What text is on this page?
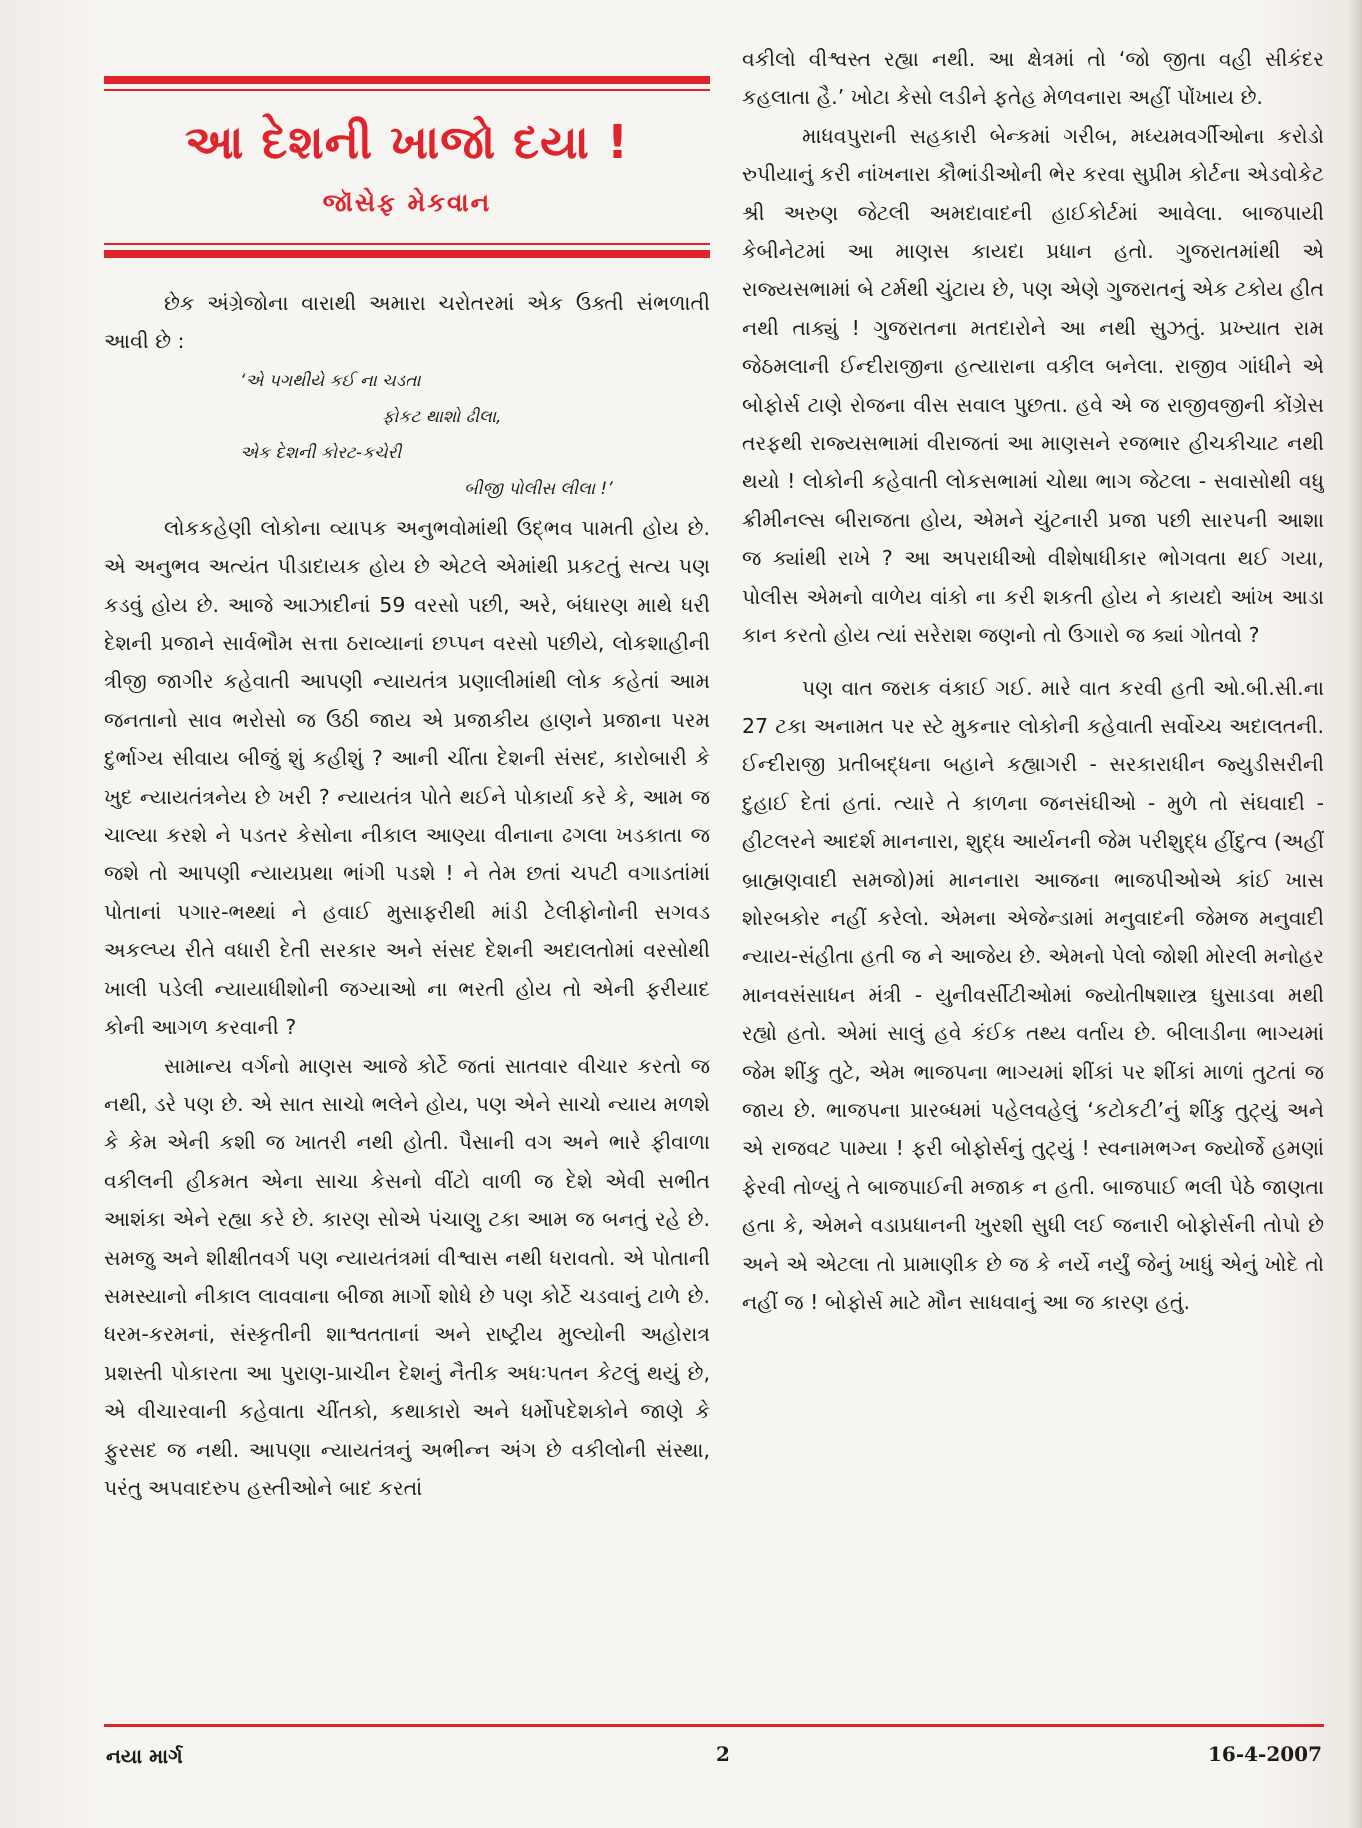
આ દેશની ખાજો દયા !
જૉસેફ મેકવાન

છેક અંગ્રેજોના વારાથી અમારા ચરોતરમાં એક ઉક્તી સંભળાતી આવી છે :

‘એ પગથીયે કઈ ના ચડતા
ફોકટ થાશો ઢીલા,
એક દેશની કોરટ-કચેરી
બીજી પોલીસ લીલા !’

લોકકહેણી લોકોના વ્યાપક અનુભવોમાંથી ઉદ્‌ભવ પામતી હોય છે. એ અનુભવ અત્યંત પીડાદાયક હોય છે એટલે એમાંથી પ્રકટતું સત્ય પણ કડવું હોય છે. આજે આઝાદીનાં 59 વરસો પછી, અરે, બંધારણ માથે ધરી દેશની પ્રજાને સાર્વભૌમ સત્તા ઠરાવ્યાનાં છપ્પન વરસો પછીયે, લોકશાહીની ત્રીજી જાગીર કહેવાતી આપણી ન્યાયતંત્ર પ્રણાલીમાંથી લોક કહેતાં આમ જનતાનો સાવ ભરોસો જ ઉઠી જાય એ પ્રજાકીય હાણને પ્રજાના પરમ દુર્ભાગ્ય સીવાય બીજું શું કહીશું ? આની ચીંતા દેશની સંસદ, કારોબારી કે ખુદ ન્યાયતંત્રનેય છે ખરી ? ન્યાયતંત્ર પોતે થઈને પોકાર્યા કરે કે, આમ જ ચાલ્યા કરશે ને પડતર કેસોના નીકાલ આણ્યા વીનાના ઢગલા ખડકાતા જ જશે તો આપણી ન્યાયપ્રથા ભાંગી પડશે ! ને તેમ છતાં ચપટી વગાડતાંમાં પોતાનાં પગાર-ભથ્થાં ને હવાઈ મુસાફરીથી માંડી ટેલીફોનોની સગવડ અકલ્પ્ય રીતે વધારી દેતી સરકાર અને સંસદ દેશની અદાલતોમાં વરસોથી ખાલી પડેલી ન્યાયાધીશોની જગ્યાઓ ના ભરતી હોય તો એની ફરીયાદ કોની આગળ કરવાની ?

સામાન્ય વર્ગનો માણસ આજે કોર્ટે જતાં સાતવાર વીચાર કરતો જ નથી, ડરે પણ છે. એ સાત સાચો ભલેને હોય, પણ એને સાચો ન્યાય મળશે કે કેમ એની કશી જ ખાતરી નથી હોતી. પૈસાની વગ અને ભારે ફીવાળા વકીલની હીકમત એના સાચા કેસનો વીંટો વાળી જ દેશે એવી સભીત આશંકા એને રહ્યા કરે છે. કારણ સોએ પંચાણુ ટકા આમ જ બનતું રહે છે. સમજુ અને શીક્ષીતવર્ગ પણ ન્યાયતંત્રમાં વીશ્વાસ નથી ધરાવતો. એ પોતાની સમસ્યાનો નીકાલ લાવવાના બીજા માર્ગો શોધે છે પણ કોર્ટે ચડવાનું ટાળે છે. ધરમ-કરમનાં, સંસ્કૃતીની શાશ્વતતાનાં અને રાષ્ટ્રીય મુલ્યોની અહોરાત્ર પ્રશસ્તી પોકારતા આ પુરાણ-પ્રાચીન દેશનું નૈતીક અધઃપતન કેટલું થયું છે, એ વીચારવાની કહેવાતા ચીંતકો, કથાકારો અને ધર્મોપદેશકોને જાણે કે ફુરસદ જ નથી. આપણા ન્યાયતંત્રનું અભીન્ન અંગ છે વકીલોની સંસ્થા, પરંતુ અપવાદરુપ હસ્તીઓને બાદ કરતાં

વકીલો વીશ્વસ્ત રહ્યા નથી. આ ક્ષેત્રમાં તો ‘જો જીતા વહી સીકંદર કહલાતા હૈ.’ ખોટા કેસો લડીને ફતેહ મેળવનારા અહીં પોંખાય છે.

માધવપુરાની સહકારી બેન્કમાં ગરીબ, મધ્યમવર્ગીઓના કરોડો રુપીયાનું કરી નાંખનારા કૌભાંડીઓની ભેર કરવા સુપ્રીમ કોર્ટના એડવોકેટ શ્રી અરુણ જેટલી અમદાવાદની હાઈકોર્ટમાં આવેલા. બાજપાયી કેબીનેટમાં આ માણસ કાયદા પ્રધાન હતો. ગુજરાતમાંથી એ રાજ્યસભામાં બે ટર્મથી ચુંટાય છે, પણ એણે ગુજરાતનું એક ટકોય હીત નથી તાક્યું ! ગુજરાતના મતદારોને આ નથી સુઝતું. પ્રખ્યાત રામ જેઠમલાની ઈન્દીરાજીના હત્યારાના વકીલ બનેલા. રાજીવ ગાંધીને એ બોફોર્સ ટાણે રોજના વીસ સવાલ પુછતા. હવે એ જ રાજીવજીની કોંગ્રેસ તરફથી રાજ્યસભામાં વીરાજતાં આ માણસને રજભાર હીચકીચાટ નથી થયો ! લોકોની કહેવાતી લોકસભામાં ચોથા ભાગ જેટલા - સવાસોથી વધુ ક્રીમીનલ્સ બીરાજતા હોય, એમને ચુંટનારી પ્રજા પછી સારપની આશા જ ક્યાંથી રાખે ? આ અપરાધીઓ વીશેષાધીકાર ભોગવતા થઈ ગયા, પોલીસ એમનો વાળેય વાંકો ના કરી શકતી હોય ને કાયદો આંખ આડા કાન કરતો હોય ત્યાં સરેરાશ જણનો તો ઉગારો જ ક્યાં ગોતવો ?

પણ વાત જરાક વંકાઈ ગઈ. મારે વાત કરવી હતી ઓ.બી.સી.ના 27 ટકા અનામત પર સ્ટે મુકનાર લોકોની કહેવાતી સર્વોચ્ચ અદાલતની. ઈન્દીરાજી પ્રતીબદ્ધના બહાને કહ્યાગરી - સરકારાધીન જ્યુડીસરીની દુહાઈ દેતાં હતાં. ત્યારે તે કાળના જનસંઘીઓ - મુળે તો સંઘવાદી - હીટલરને આદર્શ માનનારા, શુદ્ધ આર્યનની જેમ પરીશુદ્ધ હીંદુત્વ (અહીં બ્રાહ્મણવાદી સમજો)માં માનનારા આજના ભાજપીઓએ કાંઈ ખાસ શોરબકોર નહીં કરેલો. એમના એજેન્ડામાં મનુવાદની જેમજ મનુવાદી ન્યાય-સંહીતા હતી જ ને આજેય છે. એમનો પેલો જોશી મોરલી મનોહર માનવસંસાધન મંત્રી - યુનીવર્સીટીઓમાં જ્યોતીષશાસ્ત્ર ઘુસાડવા મથી રહ્યો હતો. એમાં સાલું હવે કંઈક તથ્ય વર્તાય છે. બીલાડીના ભાગ્યમાં જેમ શીંકુ તુટે, એમ ભાજપના ભાગ્યમાં શીંકાં પર શીંકાં માળાં તુટતાં જ જાય છે. ભાજપના પ્રારબ્ધમાં પહેલવહેલું ‘કટોકટી’નું શીંકુ તુટ્યું અને એ રાજવટ પામ્યા ! ફરી બોફોર્સનું તુટ્યું ! સ્વનામભગ્ન જ્યોર્જે હમણાં ફેરવી તોળ્યું તે બાજપાઈની મજાક ન હતી. બાજપાઈ ભલી પેઠે જાણતા હતા કે, એમને વડાપ્રધાનની ખુરશી સુધી લઈ જનારી બોફોર્સની તોપો છે અને એ એટલા તો પ્રામાણીક છે જ કે નર્યે નર્યું જેનું ખાધું એનું ખોદે તો નહીં જ ! બોફોર્સ માટે મૌન સાધવાનું આ જ કારણ હતું.

નયા માર્ગ	2	16-4-2007
